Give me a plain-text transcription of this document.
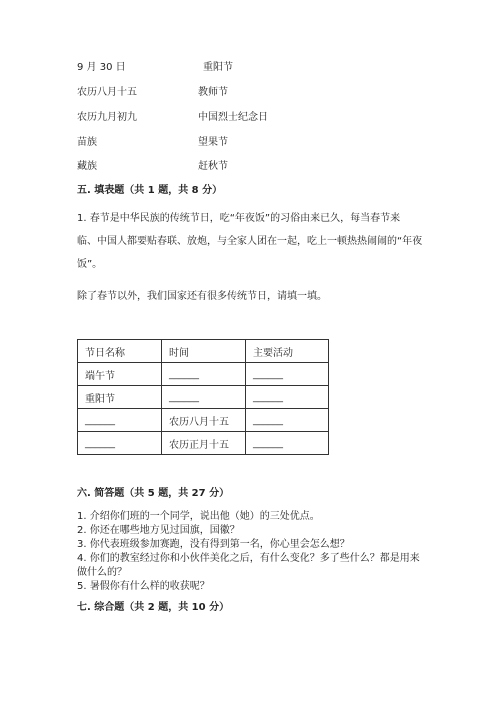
9 月 30 日	重阳节
农历八月十五	教师节
农历九月初九	中国烈士纪念日
苗族	望果节
藏族	赶秋节
五. 填表题（共 1 题，共 8 分）
1. 春节是中华民族的传统节日，吃“年夜饭”的习俗由来已久，每当春节来
临、中国人都要贴春联、放炮，与全家人团在一起，吃上一顿热热闹闹的“年夜
饭”。
除了春节以外，我们国家还有很多传统节日，请填一填。
节日名称	时间	主要活动
端午节	______	______
重阳节	______	______
______	农历八月十五	______
______	农历正月十五	______
六. 简答题（共 5 题，共 27 分）
1. 介绍你们班的一个同学，说出他（她）的三处优点。
2. 你还在哪些地方见过国旗，国徽？
3. 你代表班级参加赛跑，没有得到第一名，你心里会怎么想？
4. 你们的教室经过你和小伙伴美化之后，有什么变化？多了些什么？都是用来
做什么的？
5. 暑假你有什么样的收获呢？
七. 综合题（共 2 题，共 10 分）
